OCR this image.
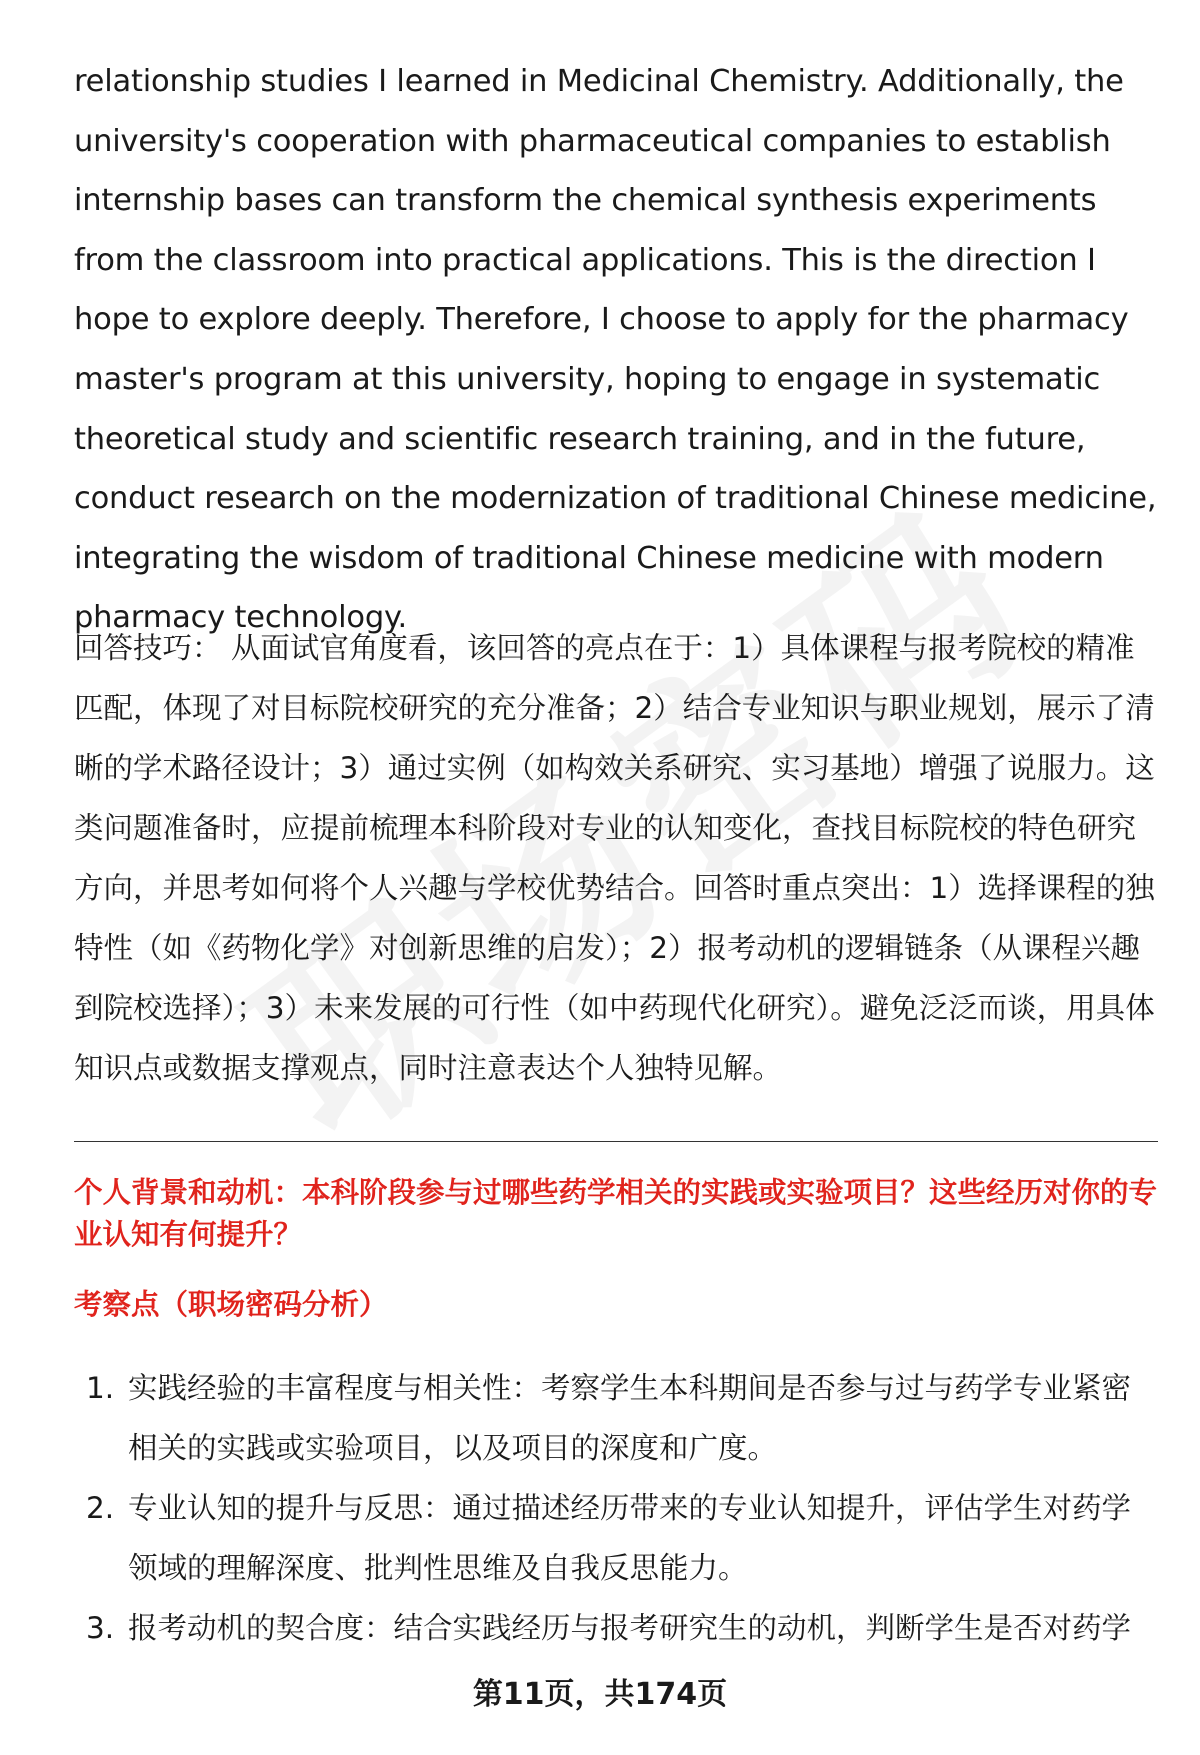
relationship studies I learned in Medicinal Chemistry. Additionally, the university's cooperation with pharmaceutical companies to establish internship bases can transform the chemical synthesis experiments from the classroom into practical applications. This is the direction I hope to explore deeply. Therefore, I choose to apply for the pharmacy master's program at this university, hoping to engage in systematic theoretical study and scientific research training, and in the future, conduct research on the modernization of traditional Chinese medicine, integrating the wisdom of traditional Chinese medicine with modern pharmacy technology.

回答技巧： 从面试官角度看，该回答的亮点在于：1）具体课程与报考院校的精准匹配，体现了对目标院校研究的充分准备；2）结合专业知识与职业规划，展示了清晰的学术路径设计；3）通过实例（如构效关系研究、实习基地）增强了说服力。这类问题准备时，应提前梳理本科阶段对专业的认知变化，查找目标院校的特色研究方向，并思考如何将个人兴趣与学校优势结合。回答时重点突出：1）选择课程的独特性（如《药物化学》对创新思维的启发）；2）报考动机的逻辑链条（从课程兴趣到院校选择）；3）未来发展的可行性（如中药现代化研究）。避免泛泛而谈，用具体知识点或数据支撑观点，同时注意表达个人独特见解。

个人背景和动机：本科阶段参与过哪些药学相关的实践或实验项目？这些经历对你的专业认知有何提升？

考察点（职场密码分析）

1. 实践经验的丰富程度与相关性：考察学生本科期间是否参与过与药学专业紧密相关的实践或实验项目，以及项目的深度和广度。
2. 专业认知的提升与反思：通过描述经历带来的专业认知提升，评估学生对药学领域的理解深度、批判性思维及自我反思能力。
3. 报考动机的契合度：结合实践经历与报考研究生的动机，判断学生是否对药学

第11页，共174页
